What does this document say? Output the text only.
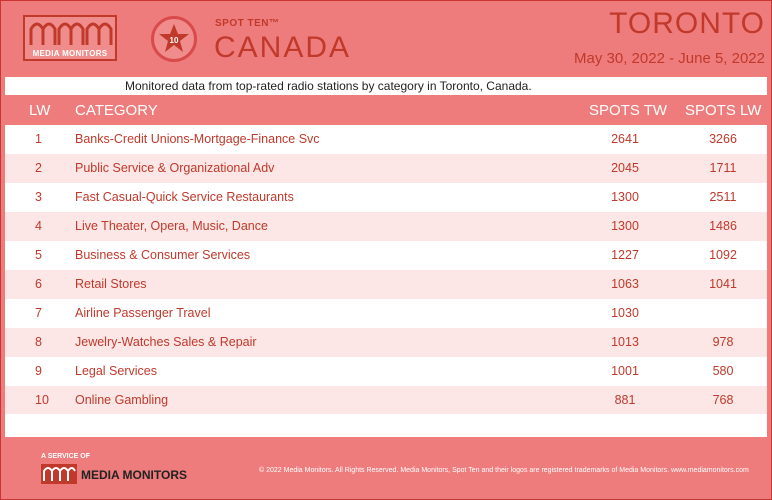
MEDIA MONITORS
10
SPOT TEN™
CANADA
TORONTO
May 30, 2022 - June 5, 2022
Monitored data from top-rated radio stations by category in Toronto, Canada.
LW CATEGORY	SPOTS TW SPOTS LW
1	Banks-Credit Unions-Mortgage-Finance Svc	2641	3266
2	Public Service & Organizational Adv	2045	1711
3	Fast Casual-Quick Service Restaurants	1300	2511
4	Live Theater, Opera, Music, Dance	1300	1486
5	Business & Consumer Services	1227	1092
6	Retail Stores	1063	1041
7	Airline Passenger Travel	1030
8	Jewelry-Watches Sales & Repair	1013	978
9	Legal Services	1001	580
10 Online Gambling	881	768
A SERVICE OF
MEDIA MONITORS	© 2022 Media Monitors. All Rights Reserved. Media Monitors, Spot Ten and their logos are registered trademarks of Media Monitors. www.mediamonitors.com
